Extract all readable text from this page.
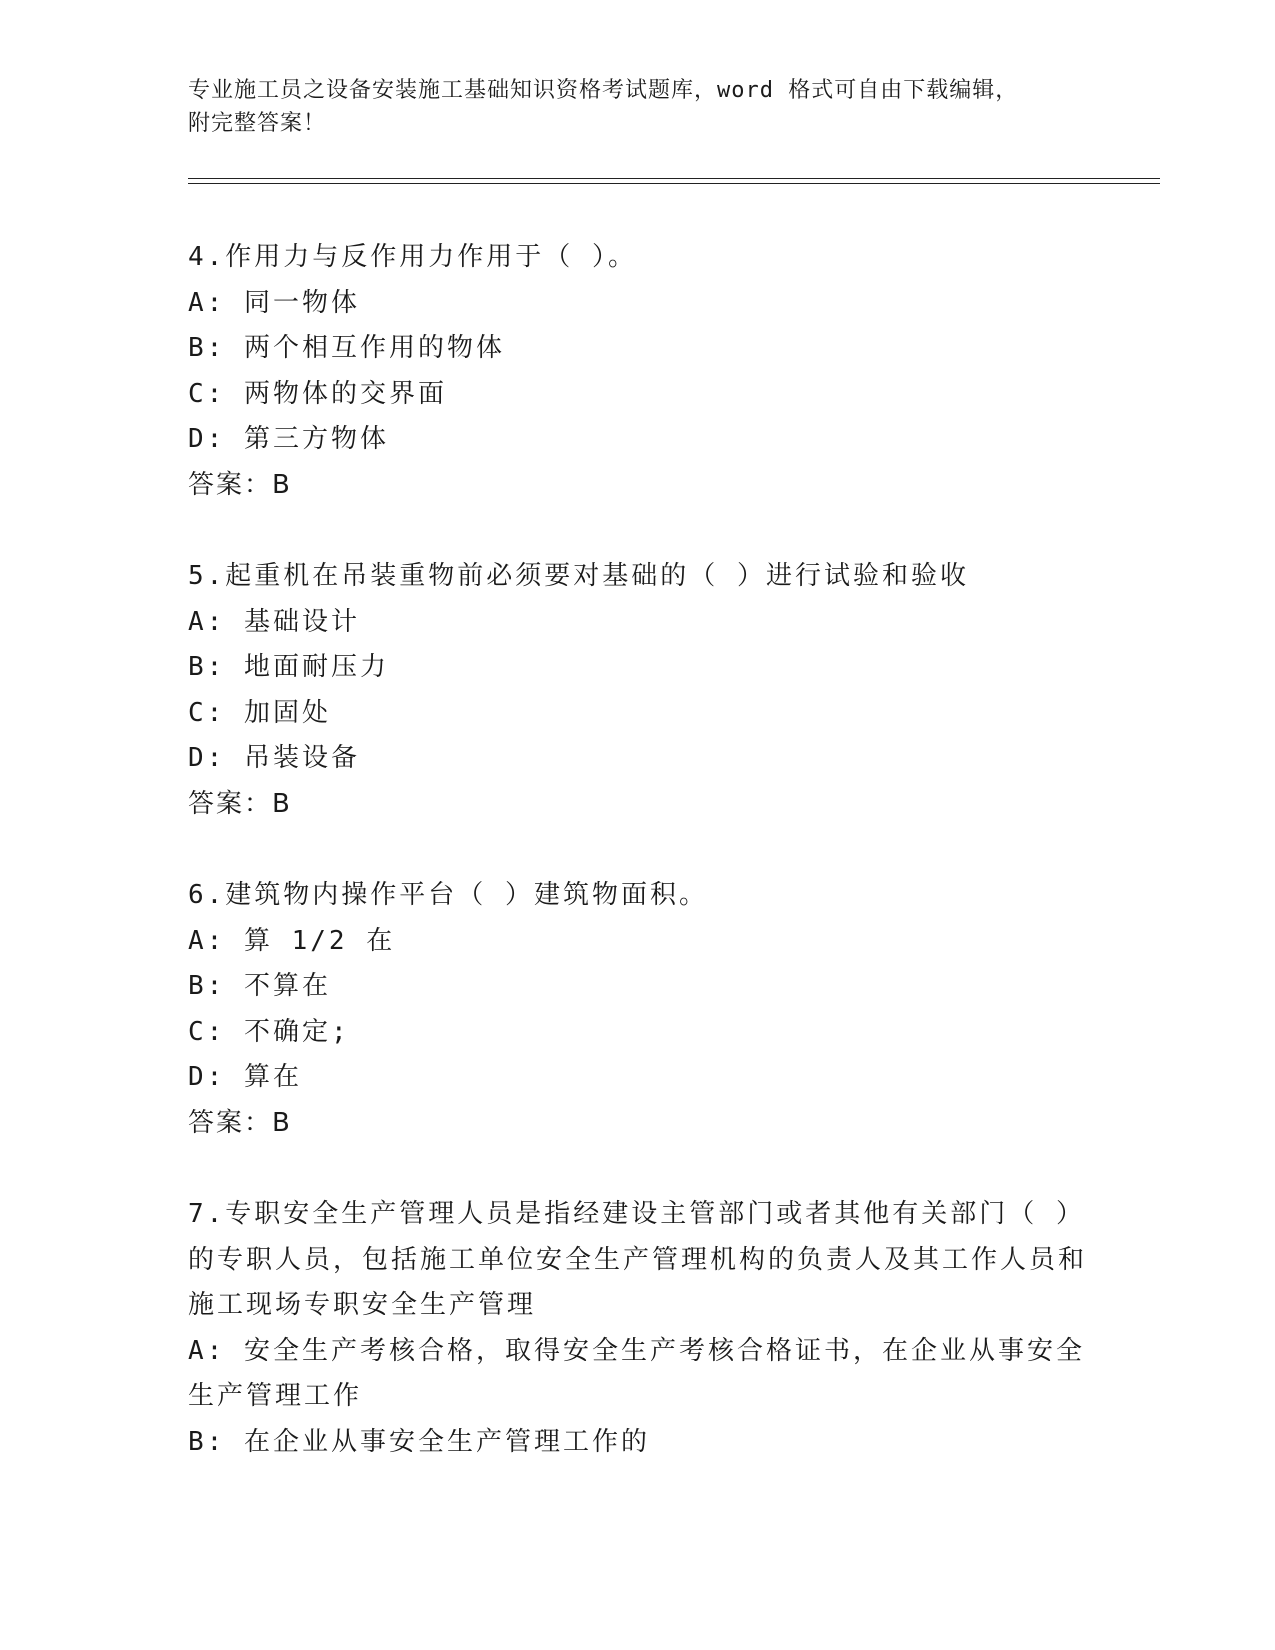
专业施工员之设备安装施工基础知识资格考试题库，word 格式可自由下载编辑，
附完整答案！
4.作用力与反作用力作用于（ ）。
A: 同一物体
B: 两个相互作用的物体
C: 两物体的交界面
D: 第三方物体
答案：B
5.起重机在吊装重物前必须要对基础的（ ）进行试验和验收
A: 基础设计
B: 地面耐压力
C: 加固处
D: 吊装设备
答案：B
6.建筑物内操作平台（ ）建筑物面积。
A: 算 1/2 在
B: 不算在
C: 不确定;
D: 算在
答案：B
7.专职安全生产管理人员是指经建设主管部门或者其他有关部门（ ）的专职人员，包括施工单位安全生产管理机构的负责人及其工作人员和施工现场专职安全生产管理
A: 安全生产考核合格，取得安全生产考核合格证书，在企业从事安全生产管理工作
B: 在企业从事安全生产管理工作的
